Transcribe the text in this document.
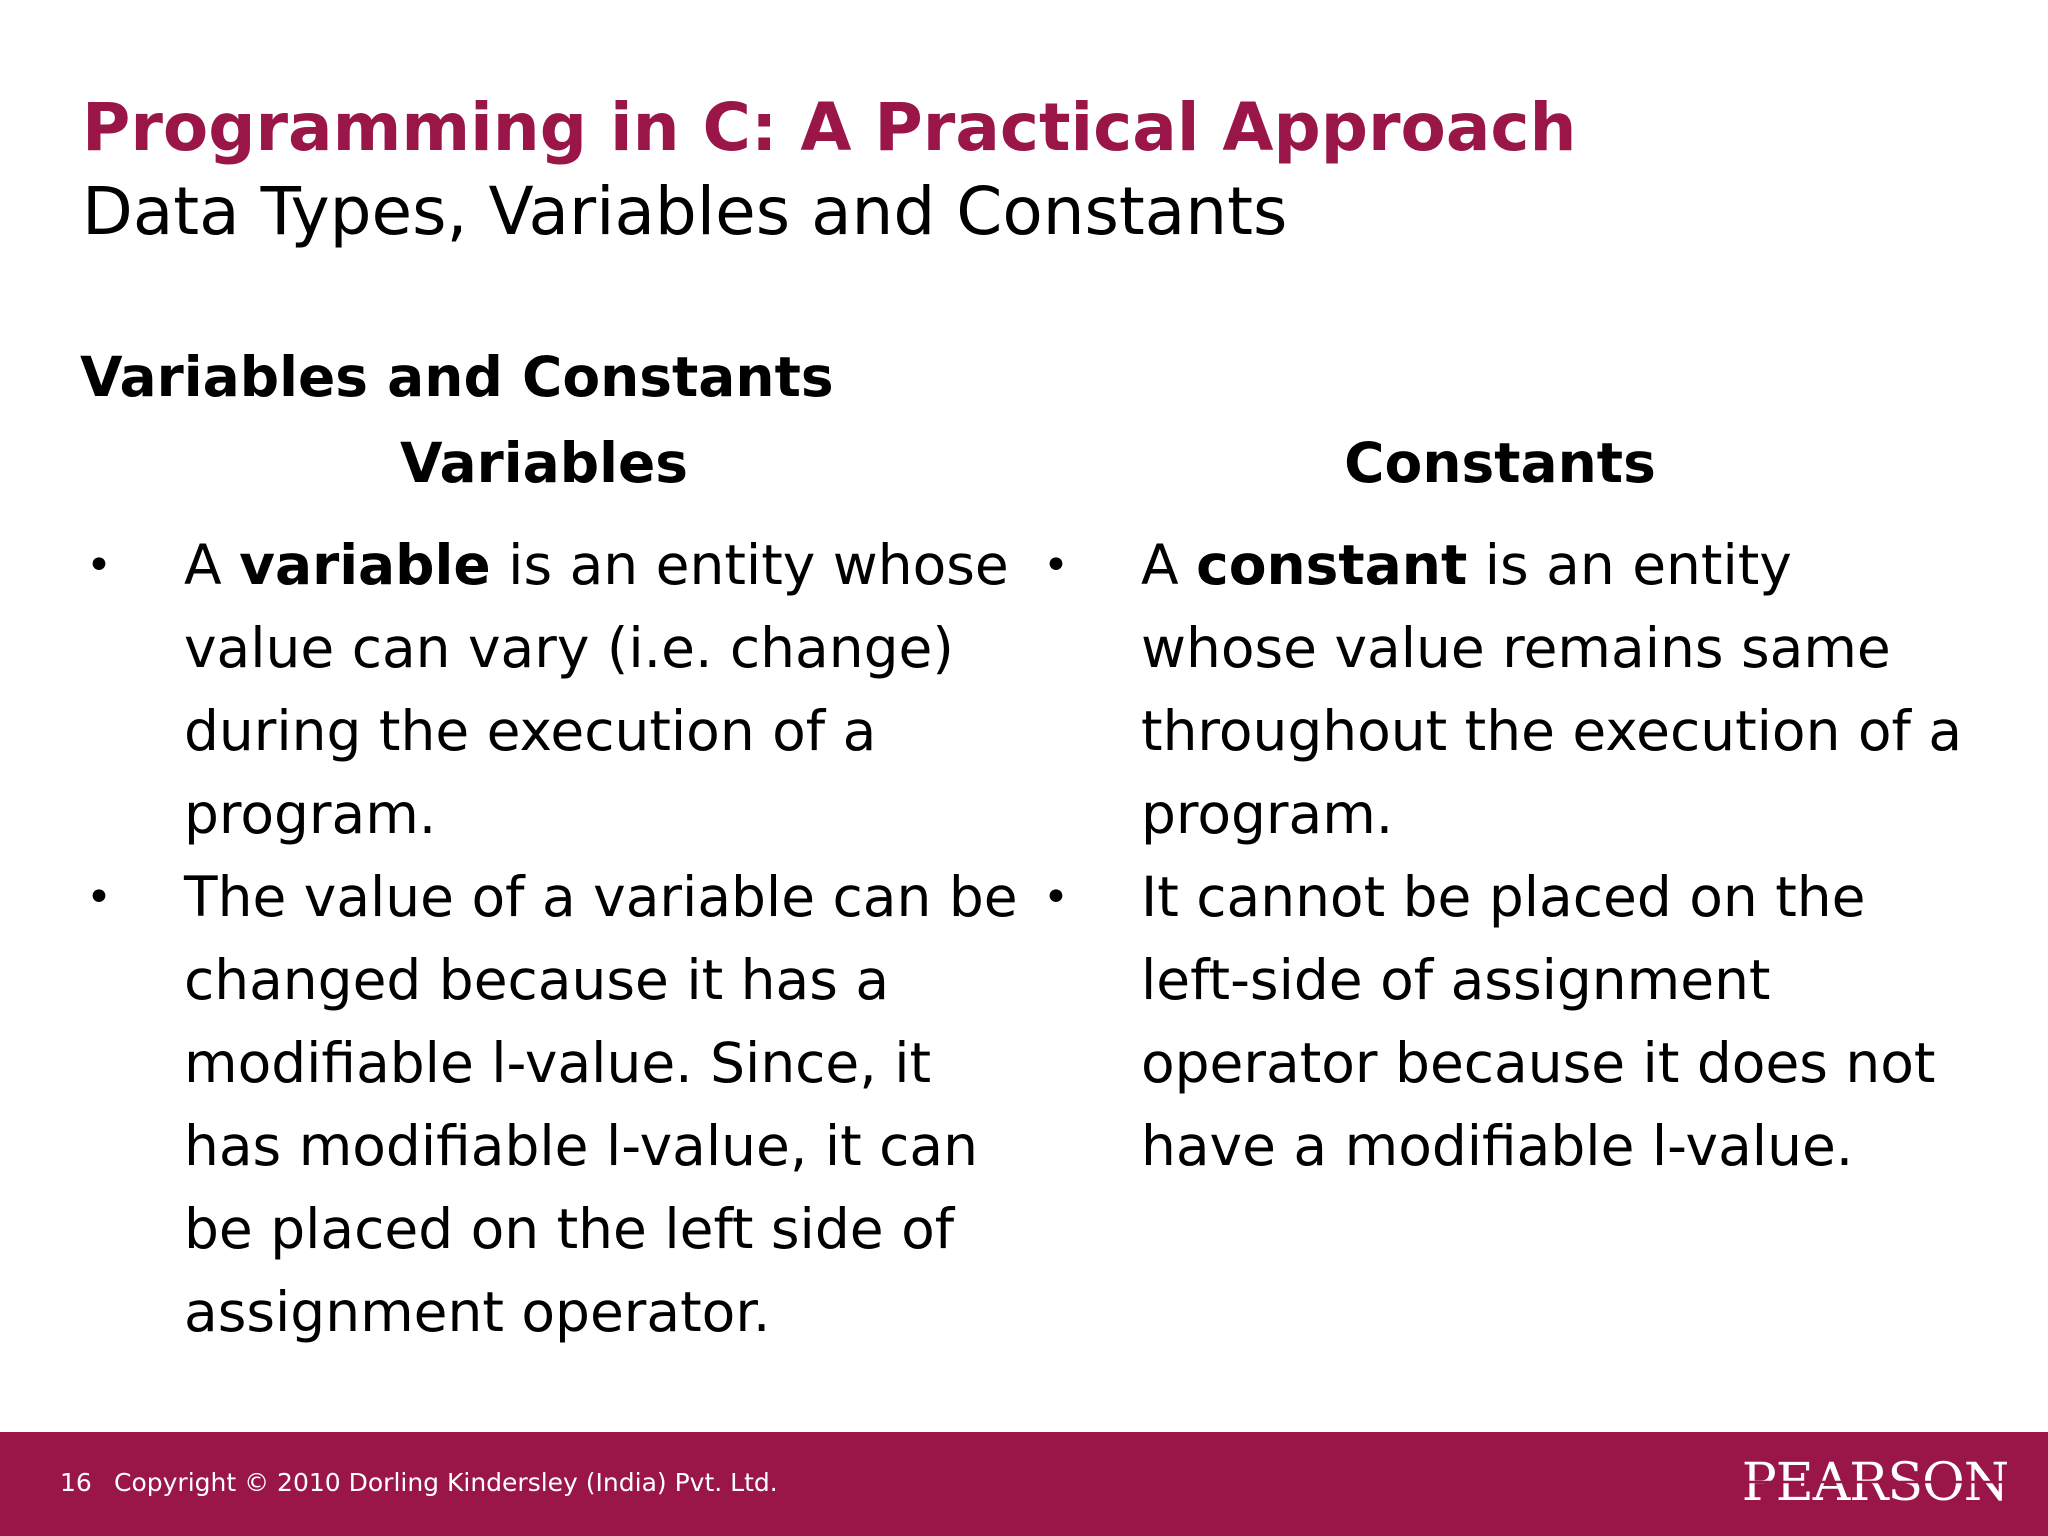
Programming in C: A Practical Approach
Data Types, Variables and Constants
Variables and Constants
Variables	Constants
• A variable is an entity whose value can vary (i.e. change) during the execution of a program.
• The value of a variable can be changed because it has a modifiable l-value. Since, it has modifiable l-value, it can be placed on the left side of assignment operator.
• A constant is an entity whose value remains same throughout the execution of a program.
• It cannot be placed on the left-side of assignment operator because it does not have a modifiable l-value.
16 Copyright © 2010 Dorling Kindersley (India) Pvt. Ltd.	PEARSON
